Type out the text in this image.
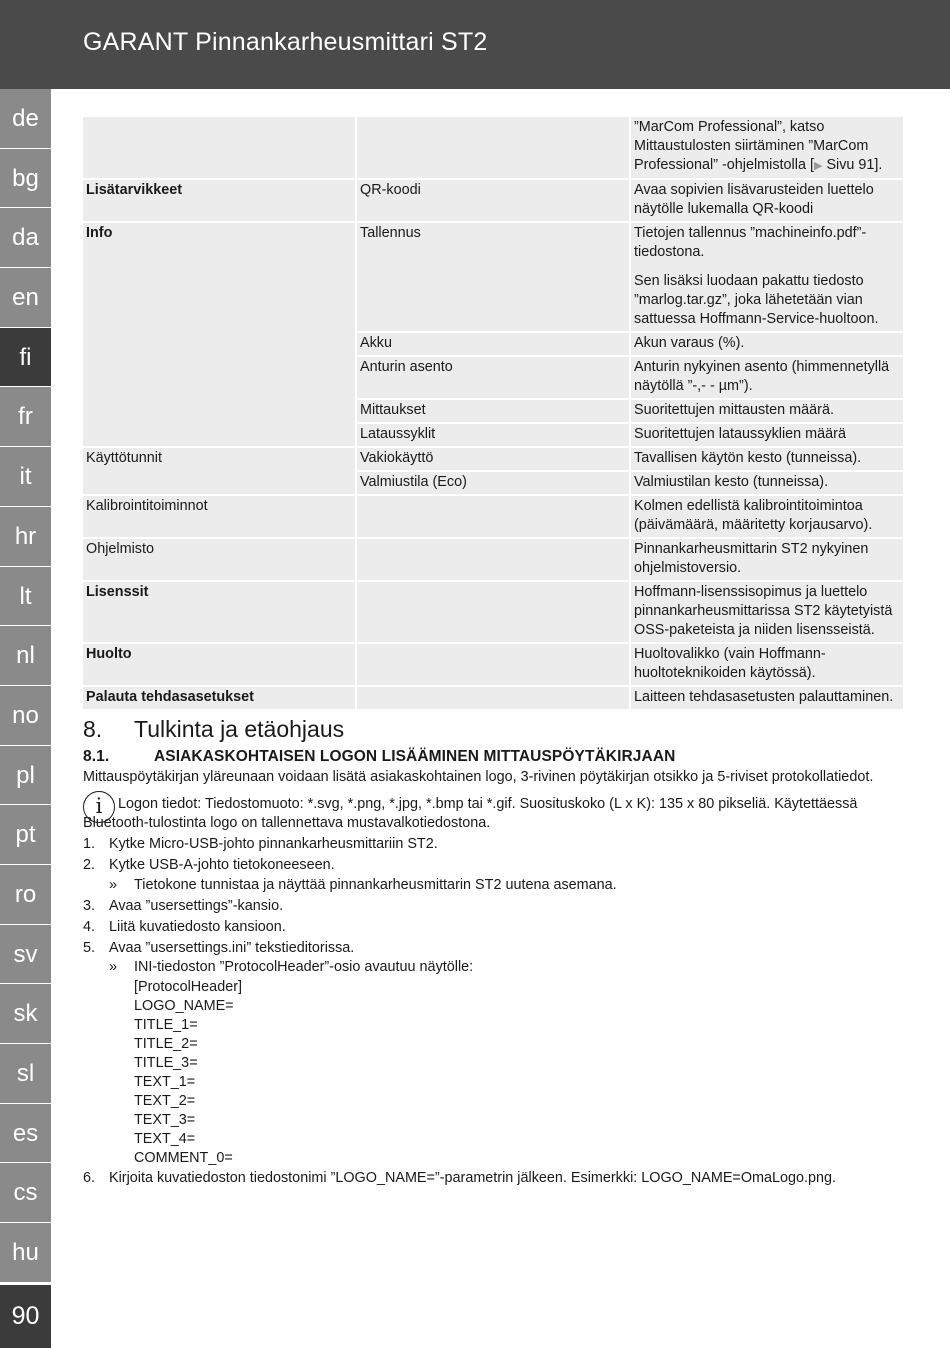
GARANT Pinnankarheusmittari ST2
de
bg
da
en
fi
fr
it
hr
lt
nl
no
pl
pt
ro
sv
sk
sl
es
cs
hu
90
		”MarCom Professional”, katso Mittaustulosten siirtäminen ”MarCom Professional” -ohjelmistolla [▶ Sivu 91].
Lisätarvikkeet	QR-koodi	Avaa sopivien lisävarusteiden luettelo näytölle lukemalla QR-koodi
Info	Tallennus	Tietojen tallennus ”machineinfo.pdf”-tiedostona.
Sen lisäksi luodaan pakattu tiedosto ”marlog.tar.gz”, joka lähetetään vian sattuessa Hoffmann-Service-huoltoon.

	Akku	Akun varaus (%).
	Anturin asento	Anturin nykyinen asento (himmennetyllä näytöllä ”-,- - µm”).
	Mittaukset	Suoritettujen mittausten määrä.
	Lataussyklit	Suoritettujen lataussyklien määrä
Käyttötunnit	Vakiokäyttö	Tavallisen käytön kesto (tunneissa).
	Valmiustila (Eco)	Valmiustilan kesto (tunneissa).
Kalibrointitoiminnot		Kolmen edellistä kalibrointitoimintoa (päivämäärä, määritetty korjausarvo).
Ohjelmisto		Pinnankarheusmittarin ST2 nykyinen ohjelmistoversio.
Lisenssit		Hoffmann-lisenssisopimus ja luettelo pinnankarheusmittarissa ST2 käytetyistä OSS-paketeista ja niiden lisensseistä.
Huolto		Huoltovalikko (vain Hoffmann-huoltoteknikoiden käytössä).
Palauta tehdasasetukset		Laitteen tehdasasetusten palauttaminen.
8. Tulkinta ja etäohjaus
8.1.	ASIAKASKOHTAISEN LOGON LISÄÄMINEN MITTAUSPÖYTÄKIRJAAN

Mittauspöytäkirjan yläreunaan voidaan lisätä asiakaskohtainen logo, 3-rivinen pöytäkirjan otsikko ja 5-riviset protokollatiedot.

i	Logon tiedot: Tiedostomuoto: *.svg, *.png, *.jpg, *.bmp tai *.gif. Suosituskoko (L x K): 135 x 80 pikseliä. Käytettäessä Bluetooth-tulostinta logo on tallennettava mustavalkotiedostona.
1. Kytke Micro-USB-johto pinnankarheusmittariin ST2.
2. Kytke USB-A-johto tietokoneeseen.
» Tietokone tunnistaa ja näyttää pinnankarheusmittarin ST2 uutena asemana.
3. Avaa ”usersettings”-kansio.
4. Liitä kuvatiedosto kansioon.
5. Avaa ”usersettings.ini” tekstieditorissa.
» INI-tiedoston ”ProtocolHeader”-osio avautuu näytölle:
[ProtocolHeader]
LOGO_NAME=
TITLE_1=
TITLE_2=
TITLE_3=
TEXT_1=
TEXT_2=
TEXT_3=
TEXT_4=
COMMENT_0=
6. Kirjoita kuvatiedoston tiedostonimi ”LOGO_NAME=”-parametrin jälkeen. Esimerkki: LOGO_NAME=OmaLogo.png.
